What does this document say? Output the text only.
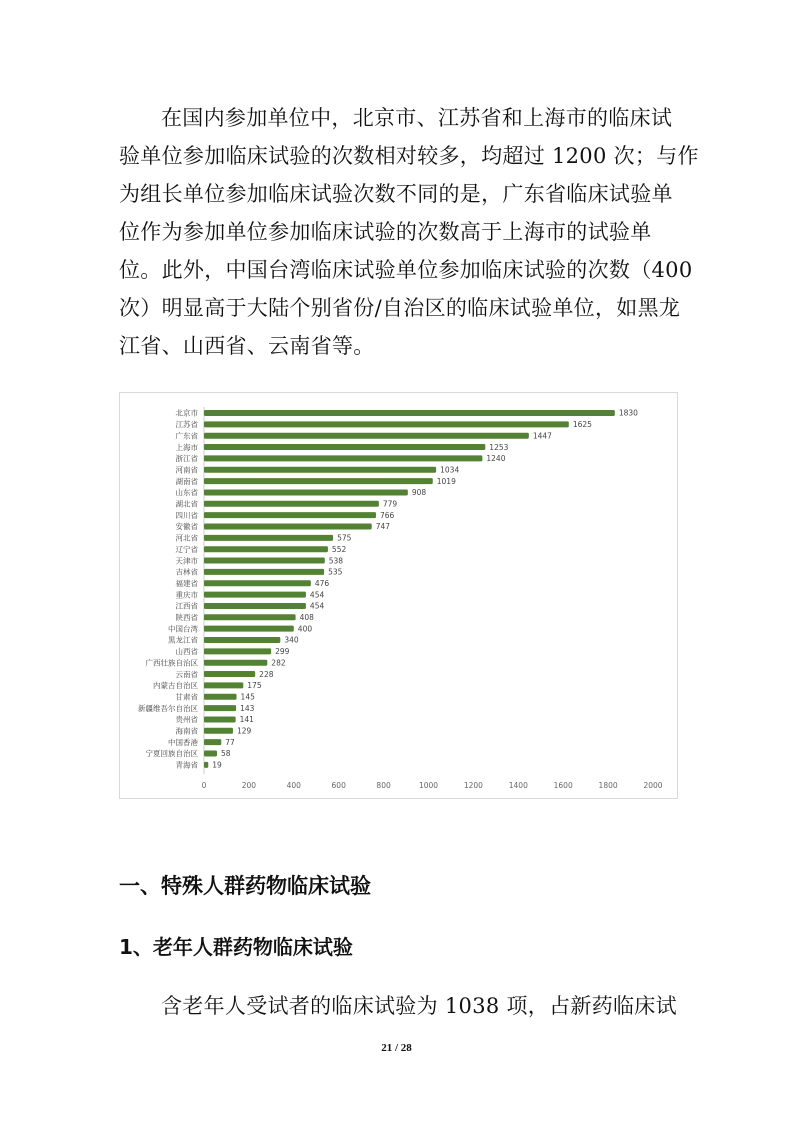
在国内参加单位中，北京市、江苏省和上海市的临床试
验单位参加临床试验的次数相对较多，均超过 1200 次；与作
为组长单位参加临床试验次数不同的是，广东省临床试验单
位作为参加单位参加临床试验的次数高于上海市的试验单
位。此外，中国台湾临床试验单位参加临床试验的次数（400
次）明显高于大陆个别省份/自治区的临床试验单位，如黑龙
江省、山西省、云南省等。
北京市	1830
江苏省	1625
广东省	1447
上海市	1253
浙江省	1240
河南省	1034
湖南省	1019
山东省	908
湖北省	779
四川省	766
安徽省	747
河北省	575
辽宁省	552
天津市	538
吉林省	535
福建省	476
重庆市	454
江西省	454
陕西省	408
中国台湾	400
黑龙江省	340
山西省	299
广西壮族自治区	282
云南省	228
内蒙古自治区	175
甘肃省	145
新疆维吾尔自治区	143
贵州省	141
海南省	129
中国香港	77
宁夏回族自治区	58
青海省 19
0	200	400	600	800	1000	1200	1400	1600	1800	2000
一、特殊人群药物临床试验
1、老年人群药物临床试验
含老年人受试者的临床试验为 1038 项，占新药临床试
21 / 28
